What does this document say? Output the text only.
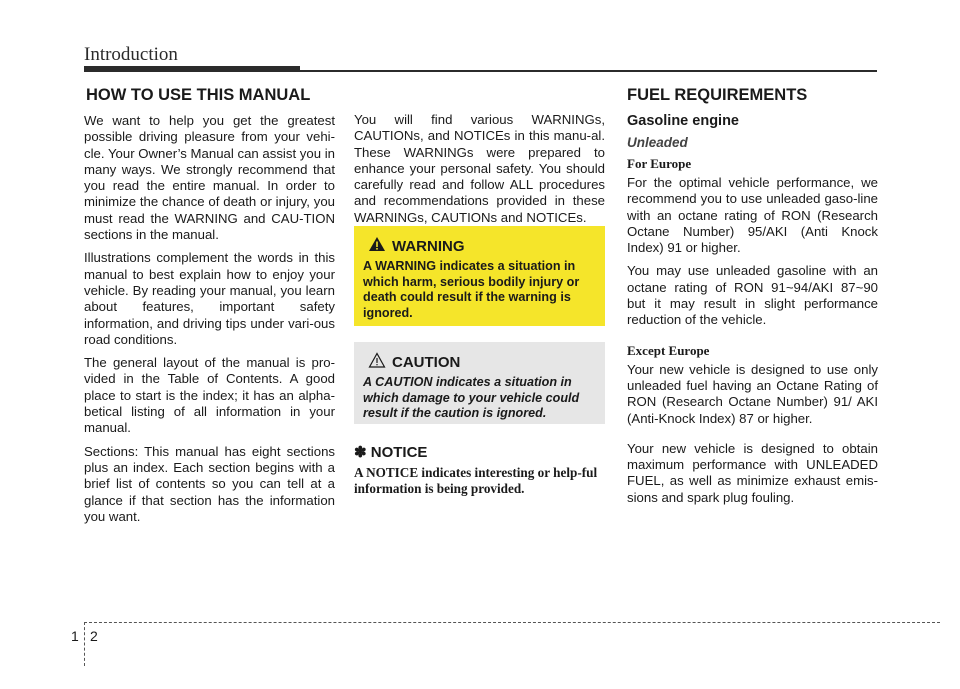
Introduction
HOW TO USE THIS MANUAL

We want to help you get the greatest possible driving pleasure from your vehi-cle. Your Owner’s Manual can assist you in many ways. We strongly recommend that you read the entire manual. In order to minimize the chance of death or injury, you must read the WARNING and CAU-TION sections in the manual.

Illustrations complement the words in this manual to best explain how to enjoy your vehicle. By reading your manual, you learn about features, important safety information, and driving tips under vari-ous road conditions.

The general layout of the manual is pro-vided in the Table of Contents. A good place to start is the index; it has an alpha-betical listing of all information in your manual.

Sections: This manual has eight sections plus an index. Each section begins with a brief list of contents so you can tell at a glance if that section has the information you want.

You will find various WARNINGs, CAUTIONs, and NOTICEs in this manu-al. These WARNINGs were prepared to enhance your personal safety. You should carefully read and follow ALL procedures and recommendations provided in these WARNINGs, CAUTIONs and NOTICEs.

WARNING
A WARNING indicates a situation in which harm, serious bodily injury or death could result if the warning is ignored.
CAUTION
A CAUTION indicates a situation in which damage to your vehicle could result if the caution is ignored.
✽ NOTICE
A NOTICE indicates interesting or help-ful information is being provided.
FUEL REQUIREMENTS
Gasoline engine
Unleaded
For Europe

For the optimal vehicle performance, we recommend you to use unleaded gaso-line with an octane rating of RON (Research Octane Number) 95/AKI (Anti Knock Index) 91 or higher.

You may use unleaded gasoline with an octane rating of RON 91~94/AKI 87~90 but it may result in slight performance reduction of the vehicle.

Except Europe

Your new vehicle is designed to use only unleaded fuel having an Octane Rating of RON (Research Octane Number) 91/ AKI (Anti-Knock Index) 87 or higher.

Your new vehicle is designed to obtain maximum performance with UNLEADED FUEL, as well as minimize exhaust emis-sions and spark plug fouling.

1 2
